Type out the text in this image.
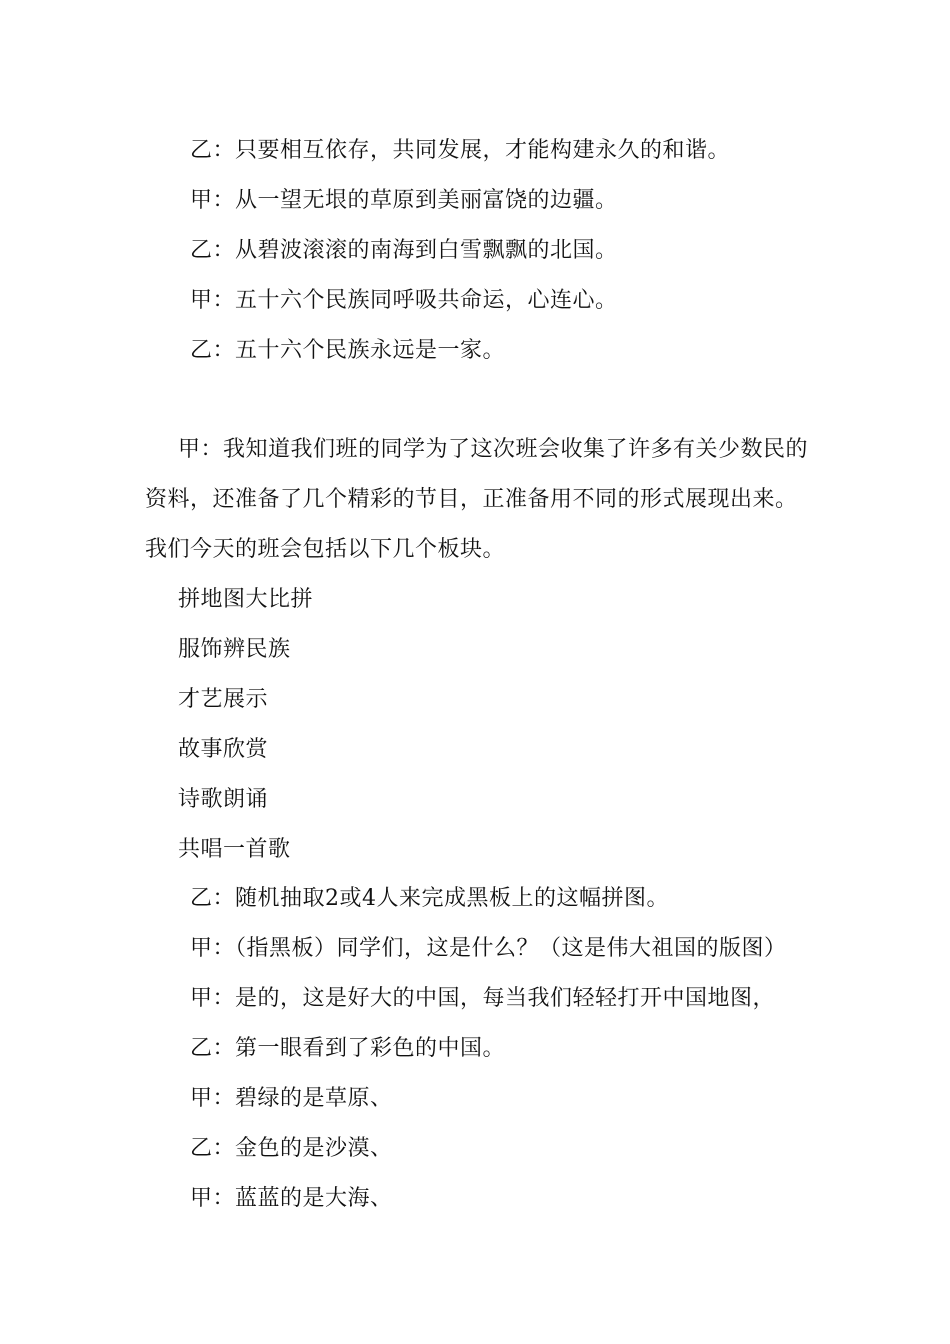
乙：只要相互依存，共同发展，才能构建永久的和谐。
甲：从一望无垠的草原到美丽富饶的边疆。
乙：从碧波滚滚的南海到白雪飘飘的北国。
甲：五十六个民族同呼吸共命运，心连心。
乙：五十六个民族永远是一家。
甲：我知道我们班的同学为了这次班会收集了许多有关少数民的
资料，还准备了几个精彩的节目，正准备用不同的形式展现出来。
我们今天的班会包括以下几个板块。
拼地图大比拼
服饰辨民族
才艺展示
故事欣赏
诗歌朗诵
共唱一首歌
乙：随机抽取2或4人来完成黑板上的这幅拼图。
甲：（指黑板）同学们，这是什么？（这是伟大祖国的版图）
甲：是的，这是好大的中国，每当我们轻轻打开中国地图，
乙：第一眼看到了彩色的中国。
甲：碧绿的是草原、
乙：金色的是沙漠、
甲：蓝蓝的是大海、
